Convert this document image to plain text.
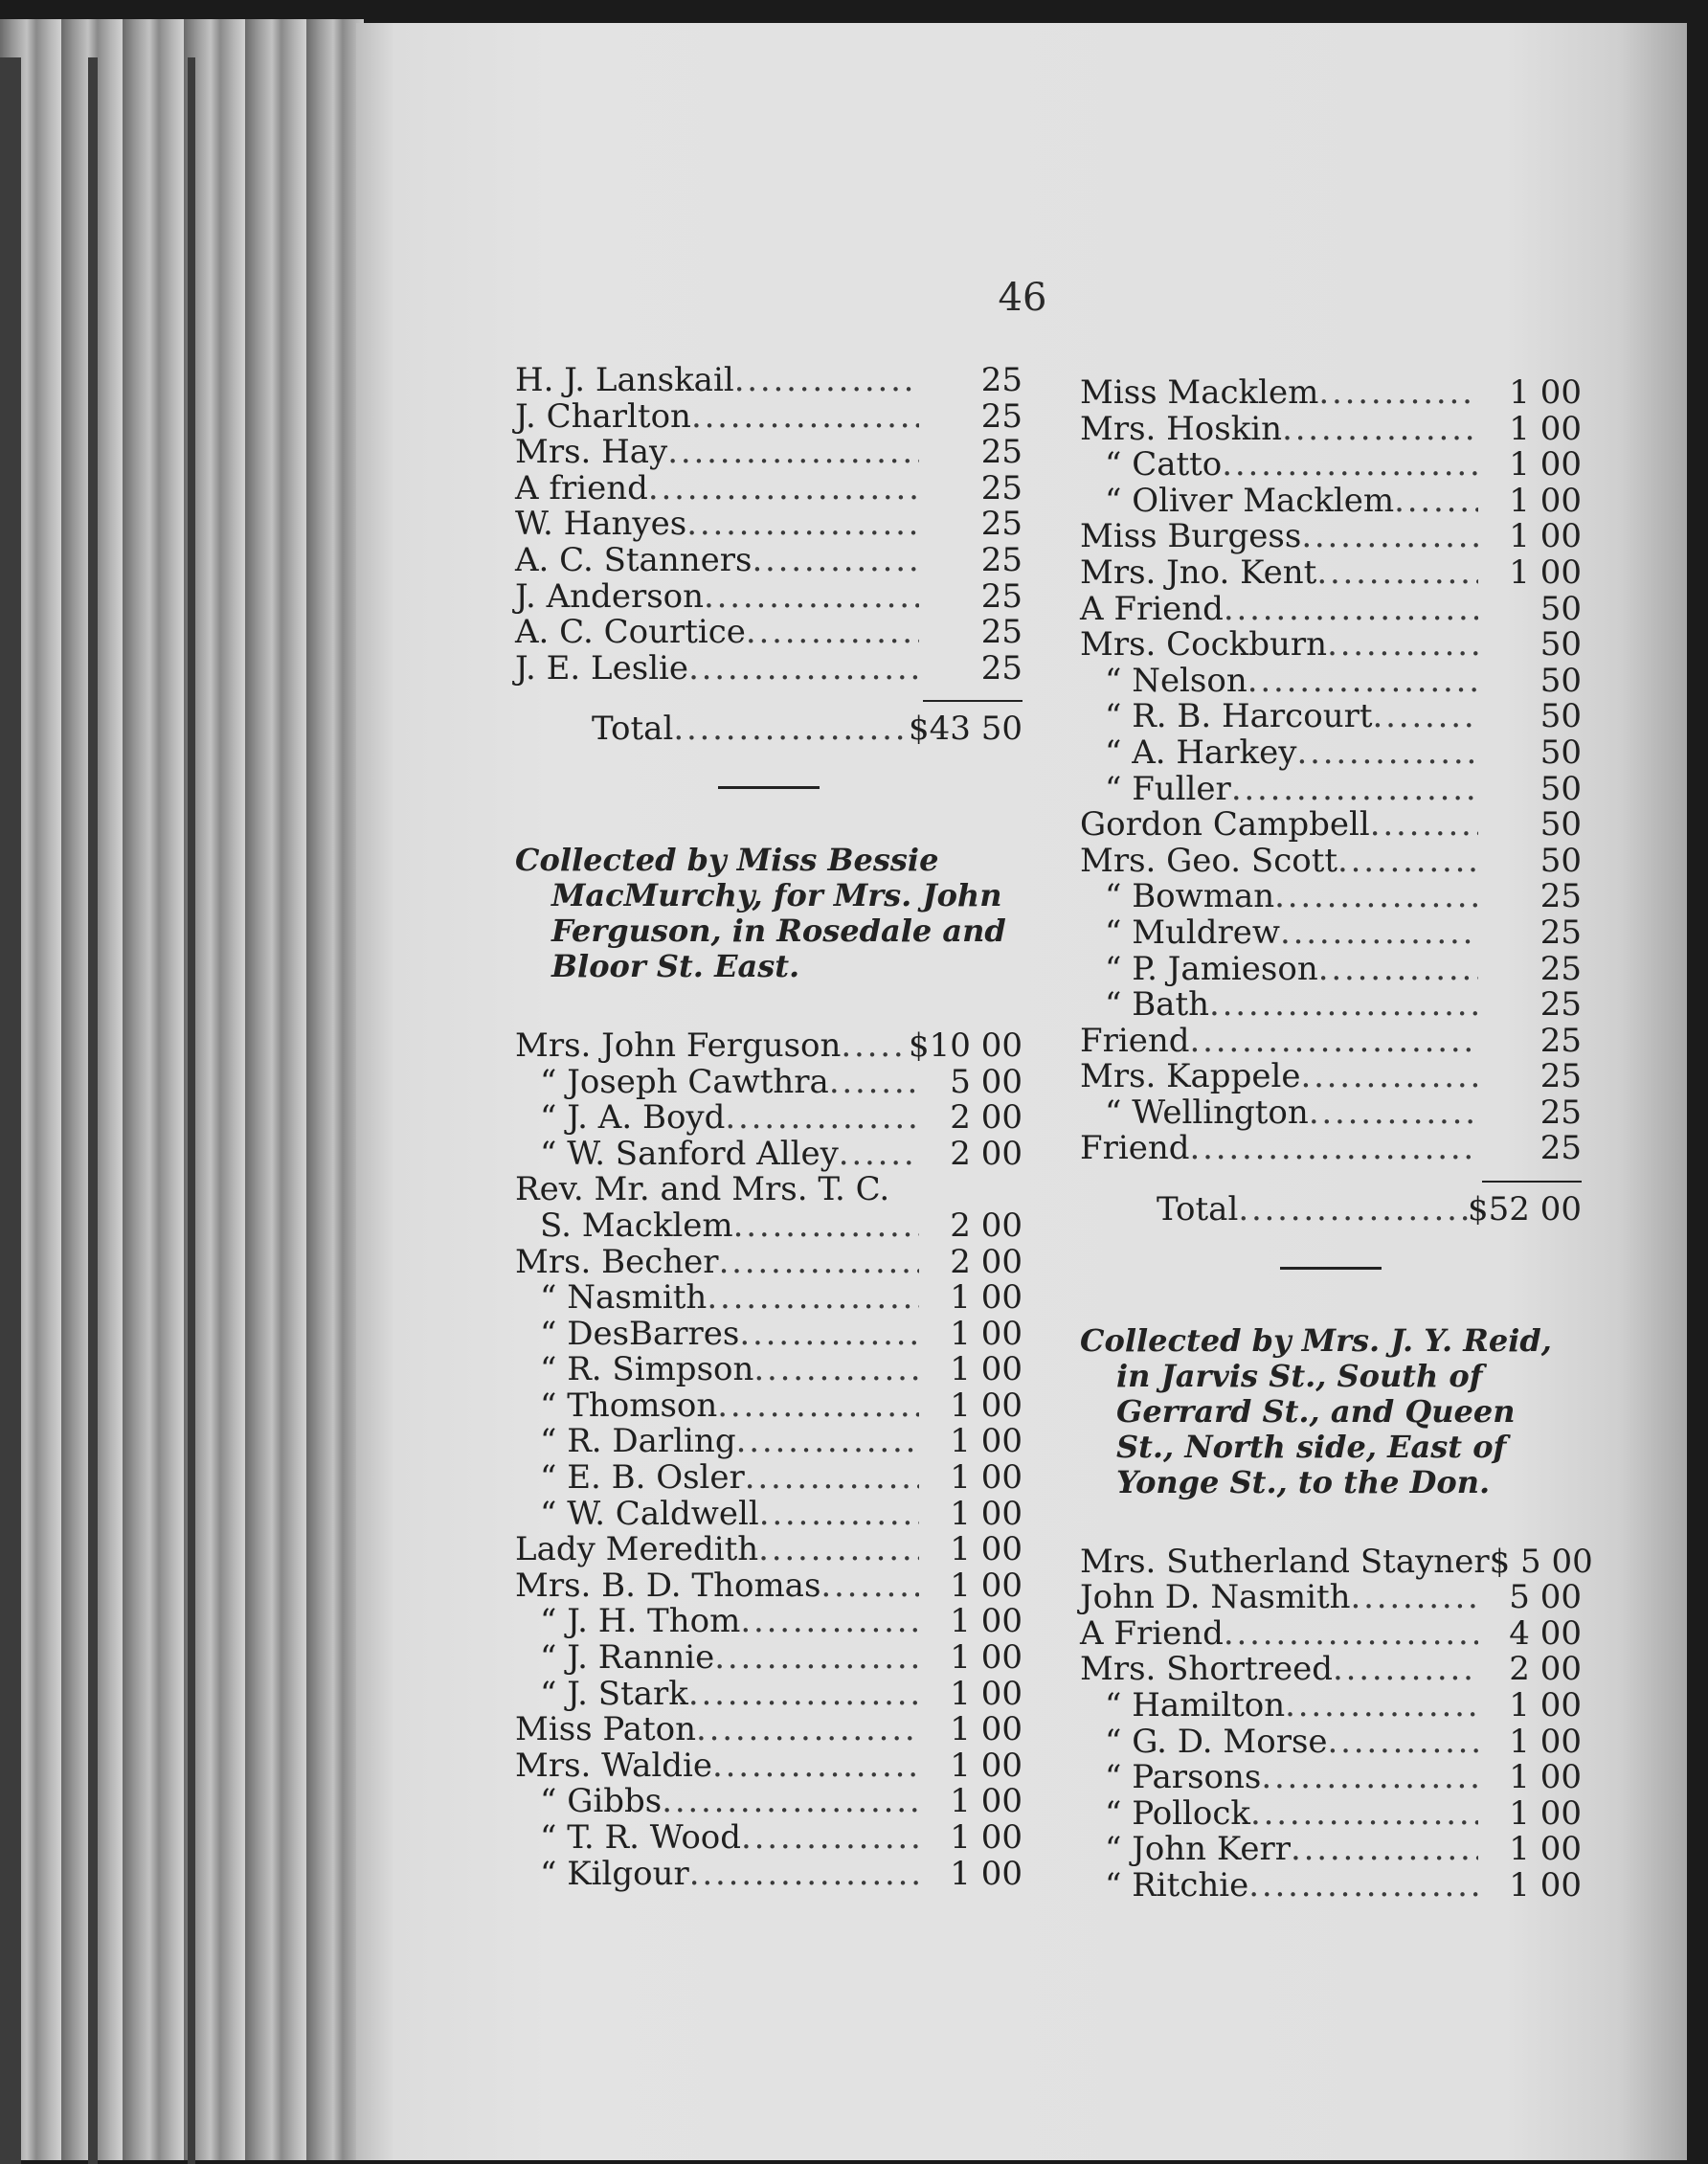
46
H. J. Lanskail . . .	25
J. Charlton . . .	25
Mrs. Hay . . .	25
A friend . . .	25
W. Hanyes . . .	25
A. C. Stanners . . .	25
J. Anderson . . .	25
A. C. Courtice . . .	25
J. E. Leslie . . .	25
Total . . .	$43 50
Collected by Miss Bessie MacMurchy, for Mrs. John Ferguson, in Rosedale and Bloor St. East.
Mrs. John Ferguson . . . $10 00
“ Joseph Cawthra . . .	5 00
“ J. A. Boyd . . .	2 00
“ W. Sanford Alley . . .	2 00
Rev. Mr. and Mrs. T. C.
S. Macklem . . .	2 00
Mrs. Becher . . .	2 00
“ Nasmith . . .	1 00
“ DesBarres . . .	1 00
“ R. Simpson . . .	1 00
“ Thomson . . .	1 00
“ R. Darling . . .	1 00
“ E. B. Osler . . .	1 00
“ W. Caldwell . . .	1 00
Lady Meredith . . .	1 00
Mrs. B. D. Thomas . . .	1 00
“ J. H. Thom . . .	1 00
“ J. Rannie . . .	1 00
“ J. Stark . . .	1 00
Miss Paton . . .	1 00
Mrs. Waldie . . .	1 00
“ Gibbs . . .	1 00
“ T. R. Wood . . .	1 00
“ Kilgour . . .	1 00
Miss Macklem . . .	1 00
Mrs. Hoskin . . .	1 00
“ Catto . . .	1 00
“ Oliver Macklem . . .	1 00
Miss Burgess . . .	1 00
Mrs. Jno. Kent . . .	1 00
A Friend . . .	50
Mrs. Cockburn . . .	50
“ Nelson . . .	50
“ R. B. Harcourt . . .	50
“ A. Harkey . . .	50
“ Fuller . . .	50
Gordon Campbell . . .	50
Mrs. Geo. Scott . . .	50
“ Bowman . . .	25
“ Muldrew . . .	25
“ P. Jamieson . . .	25
“ Bath . . .	25
Friend . . .	25
Mrs. Kappele . . .	25
“ Wellington . . .	25
Friend . . .	25
Total . . .	$52 00
Collected by Mrs. J. Y. Reid, in Jarvis St., South of Gerrard St., and Queen St., North side, East of Yonge St., to the Don.
Mrs. Sutherland Stayner $ 5 00
John D. Nasmith . . .	5 00
A Friend . . .	4 00
Mrs. Shortreed . . .	2 00
“ Hamilton . . .	1 00
“ G. D. Morse . . .	1 00
“ Parsons . . .	1 00
“ Pollock . . .	1 00
“ John Kerr . . .	1 00
“ Ritchie . . .	1 00
